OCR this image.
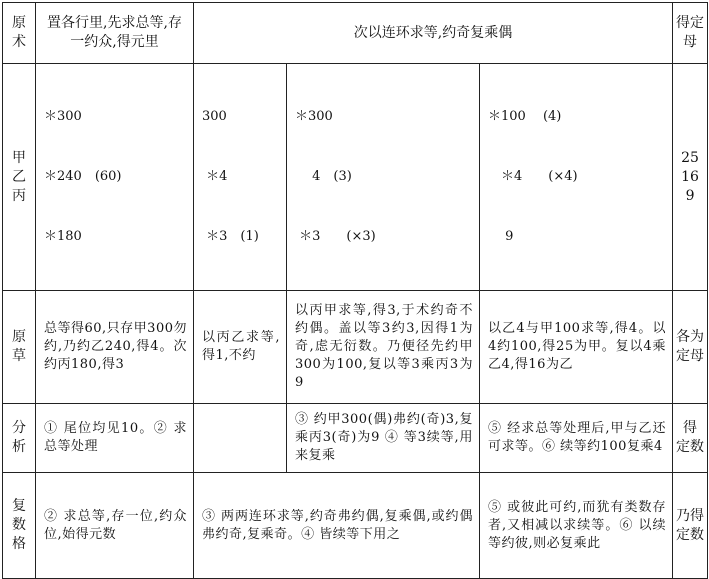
原
术	置各行里,先求总等,存一约众,得元里	次以连环求等,约奇复乘偶			得定
母

甲
乙
丙	＊300

＊240　(60)

＊180	300

＊4

＊3　(1)	＊300

　 4　(3)

＊3　　(×3)	＊100　 (4)

　＊4　　(×4)

　 9	25
16
9

原
草	总等得60,只存甲300勿约,乃约乙240,得4。次约丙180,得3	以丙乙求等,得1,不约	以丙甲求等,得3,于术约奇不约偶。盖以等3约3,因得1为奇,虑无衍数。乃便径先约甲300为100,复以等3乘丙3为9	以乙4与甲100求等,得4。以4约100,得25为甲。复以4乘乙4,得16为乙	各为
定母

分
析	① 尾位均见10。② 求总等处理		③ 约甲300(偶)弗约(奇)3,复乘丙3(奇)为9 ④ 等3续等,用来复乘	⑤ 经求总等处理后,甲与乙还可求等。⑥ 续等约100复乘4	得
定数

复
数
格	② 求总等,存一位,约众位,始得元数	③ 两两连环求等,约奇弗约偶,复乘偶,或约偶弗约奇,复乘奇。④ 皆续等下用之		⑤ 或彼此可约,而犹有类数存者,又相减以求续等。⑥ 以续等约彼,则必复乘此	乃得
定数
